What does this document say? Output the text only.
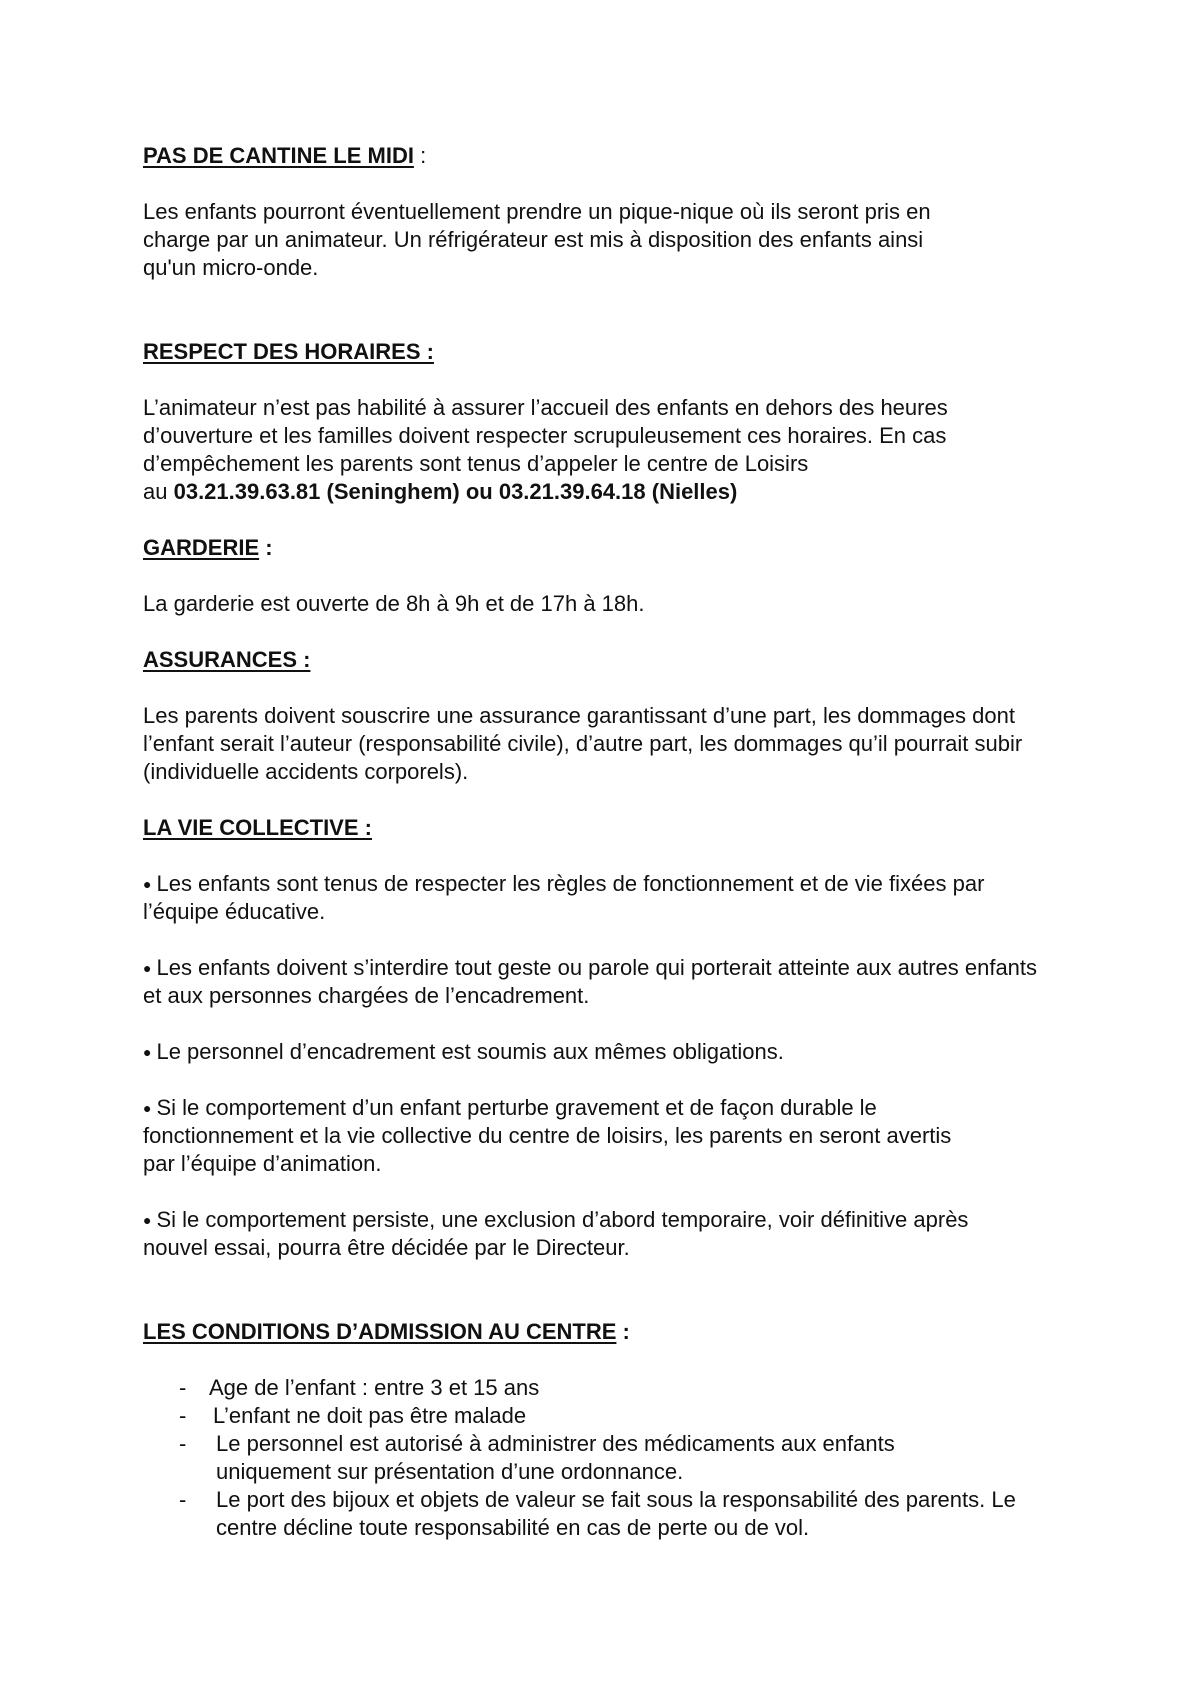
PAS DE CANTINE LE MIDI :

Les enfants pourront éventuellement prendre un pique-nique où ils seront pris en charge par un animateur. Un réfrigérateur est mis à disposition des enfants ainsi qu'un micro-onde.

RESPECT DES HORAIRES :

L’animateur n’est pas habilité à assurer l’accueil des enfants en dehors des heures d’ouverture et les familles doivent respecter scrupuleusement ces horaires. En cas d’empêchement les parents sont tenus d’appeler le centre de Loisirs

au 03.21.39.63.81 (Seninghem) ou 03.21.39.64.18 (Nielles)

GARDERIE :

La garderie est ouverte de 8h à 9h et de 17h à 18h.

ASSURANCES :

Les parents doivent souscrire une assurance garantissant d’une part, les dommages dont l’enfant serait l’auteur (responsabilité civile), d’autre part, les dommages qu’il pourrait subir (individuelle accidents corporels).

LA VIE COLLECTIVE :

● Les enfants sont tenus de respecter les règles de fonctionnement et de vie fixées par l’équipe éducative.

● Les enfants doivent s’interdire tout geste ou parole qui porterait atteinte aux autres enfants et aux personnes chargées de l’encadrement.

● Le personnel d’encadrement est soumis aux mêmes obligations.

● Si le comportement d’un enfant perturbe gravement et de façon durable le fonctionnement et la vie collective du centre de loisirs, les parents en seront avertis par l’équipe d’animation.

● Si le comportement persiste, une exclusion d’abord temporaire, voir définitive après nouvel essai, pourra être décidée par le Directeur.

LES CONDITIONS D’ADMISSION AU CENTRE :

- Age de l’enfant : entre 3 et 15 ans
- L’enfant ne doit pas être malade
- Le personnel est autorisé à administrer des médicaments aux enfants uniquement sur présentation d’une ordonnance.
- Le port des bijoux et objets de valeur se fait sous la responsabilité des parents. Le centre décline toute responsabilité en cas de perte ou de vol.
